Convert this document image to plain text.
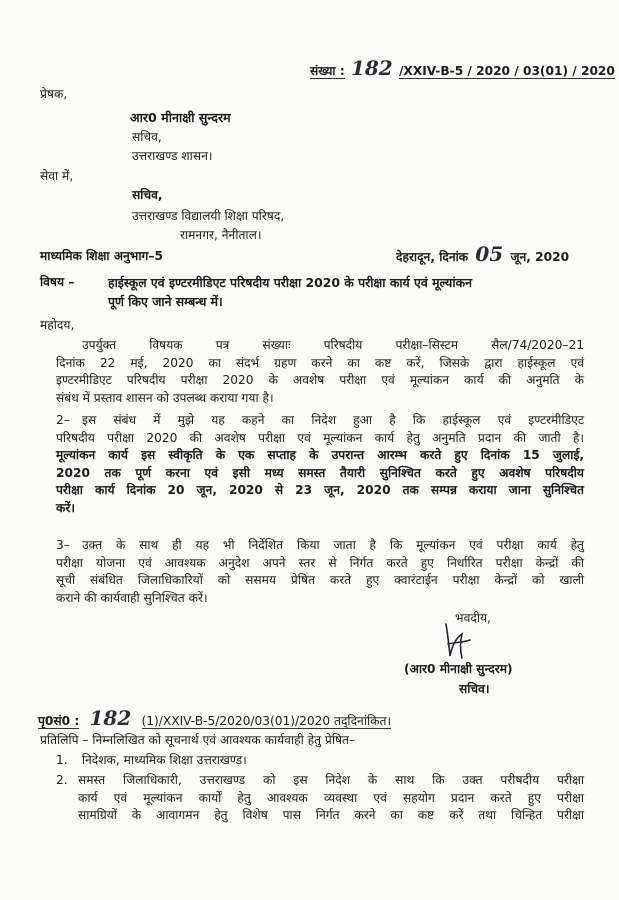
संख्या : 182 /XXIV-B-5 / 2020 / 03(01) / 2020
प्रेषक,
आर0 मीनाक्षी सुन्दरम
सचिव,
उत्तराखण्ड शासन।
सेवा में,
सचिव,
उत्तराखण्ड विद्यालयी शिक्षा परिषद,
रामनगर, नैनीताल।
माध्यमिक शिक्षा अनुभाग–5	देहरादून, दिनांक 05 जून, 2020
विषय –	हाईस्कूल एवं इण्टरमीडिएट परिषदीय परीक्षा 2020 के परीक्षा कार्य एवं मूल्यांकन
पूर्ण किए जाने सम्बन्ध में।
महोदय,
उपर्युक्त विषयक पत्र संख्याः परिषदीय परीक्षा–सिस्टम सैल/74/2020–21
दिनांक 22 मई, 2020 का संदर्भ ग्रहण करने का कष्ट करें, जिसके द्वारा हाईस्कूल एवं
इण्टरमीडिएट परिषदीय परीक्षा 2020 के अवशेष परीक्षा एवं मूल्यांकन कार्य की अनुमति के
संबंध में प्रस्ताव शासन को उपलब्ध कराया गया है।
2– इस संबंध में मुझे यह कहने का निदेश हुआ है कि हाईस्कूल एवं इण्टरमीडिएट
परिषदीय परीक्षा 2020 की अवशेष परीक्षा एवं मूल्यांकन कार्य हेतु अनुमति प्रदान की जाती है।
मूल्यांकन कार्य इस स्वीकृति के एक सप्ताह के उपरान्त आरम्भ करते हुए दिनांक 15 जुलाई,
2020 तक पूर्ण करना एवं इसी मध्य समस्त तैयारी सुनिश्चित करते हुए अवशेष परिषदीय
परीक्षा कार्य दिनांक 20 जून, 2020 से 23 जून, 2020 तक सम्पन्न कराया जाना सुनिश्चित
करें।
3– उक्त के साथ ही यह भी निर्देशित किया जाता है कि मूल्यांकन एवं परीक्षा कार्य हेतु
परीक्षा योजना एवं आवश्यक अनुदेश अपने स्तर से निर्गत करते हुए निर्धारित परीक्षा केन्द्रों की
सूची संबंधित जिलाधिकारियों को ससमय प्रेषित करते हुए क्वारंटाईन परीक्षा केन्द्रों को खाली
कराने की कार्यवाही सुनिश्चित करें।
भवदीय,
(आर0 मीनाक्षी सुन्दरम)
सचिव।
पृ0सं0 : 182 (1)/XXIV-B-5/2020/03(01)/2020 तद्‌दिनांकित।
प्रतिलिपि – निम्नलिखित को सूचनार्थ एवं आवश्यक कार्यवाही हेतु प्रेषित–
1. निदेशक, माध्यमिक शिक्षा उत्तराखण्ड।
2. समस्त जिलाधिकारी, उत्तराखण्ड को इस निदेश के साथ कि उक्त परीषदीय परीक्षा
कार्य एवं मूल्यांकन कार्यों हेतु आवश्यक व्यवस्था एवं सहयोग प्रदान करते हुए परीक्षा
सामग्रियों के आवागमन हेतु विशेष पास निर्गत करने का कष्ट करें तथा चिन्हित परीक्षा
